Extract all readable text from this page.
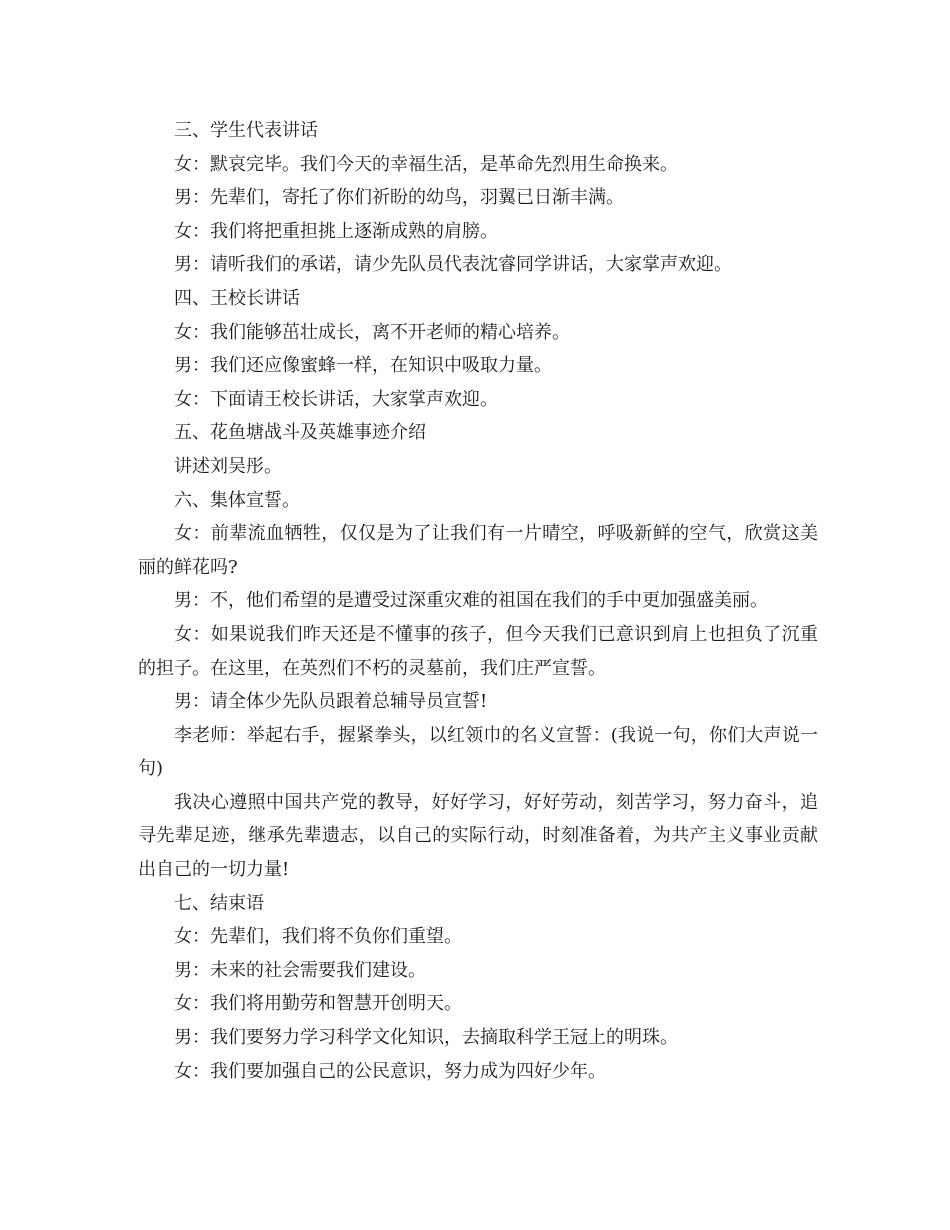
三、学生代表讲话

女：默哀完毕。我们今天的幸福生活，是革命先烈用生命换来。

男：先辈们，寄托了你们祈盼的幼鸟，羽翼已日渐丰满。

女：我们将把重担挑上逐渐成熟的肩膀。

男：请听我们的承诺，请少先队员代表沈睿同学讲话，大家掌声欢迎。

四、王校长讲话

女：我们能够茁壮成长，离不开老师的精心培养。

男：我们还应像蜜蜂一样，在知识中吸取力量。

女：下面请王校长讲话，大家掌声欢迎。

五、花鱼塘战斗及英雄事迹介绍

讲述刘吴彤。

六、集体宣誓。

女：前辈流血牺牲，仅仅是为了让我们有一片晴空，呼吸新鲜的空气，欣赏这美丽的鲜花吗?

男：不，他们希望的是遭受过深重灾难的祖国在我们的手中更加强盛美丽。

女：如果说我们昨天还是不懂事的孩子，但今天我们已意识到肩上也担负了沉重的担子。在这里，在英烈们不朽的灵墓前，我们庄严宣誓。

男：请全体少先队员跟着总辅导员宣誓!

李老师：举起右手，握紧拳头，以红领巾的名义宣誓：(我说一句，你们大声说一句)

我决心遵照中国共产党的教导，好好学习，好好劳动，刻苦学习，努力奋斗，追寻先辈足迹，继承先辈遗志，以自己的实际行动，时刻准备着，为共产主义事业贡献出自己的一切力量!

七、结束语

女：先辈们，我们将不负你们重望。

男：未来的社会需要我们建设。

女：我们将用勤劳和智慧开创明天。

男：我们要努力学习科学文化知识，去摘取科学王冠上的明珠。

女：我们要加强自己的公民意识，努力成为四好少年。
